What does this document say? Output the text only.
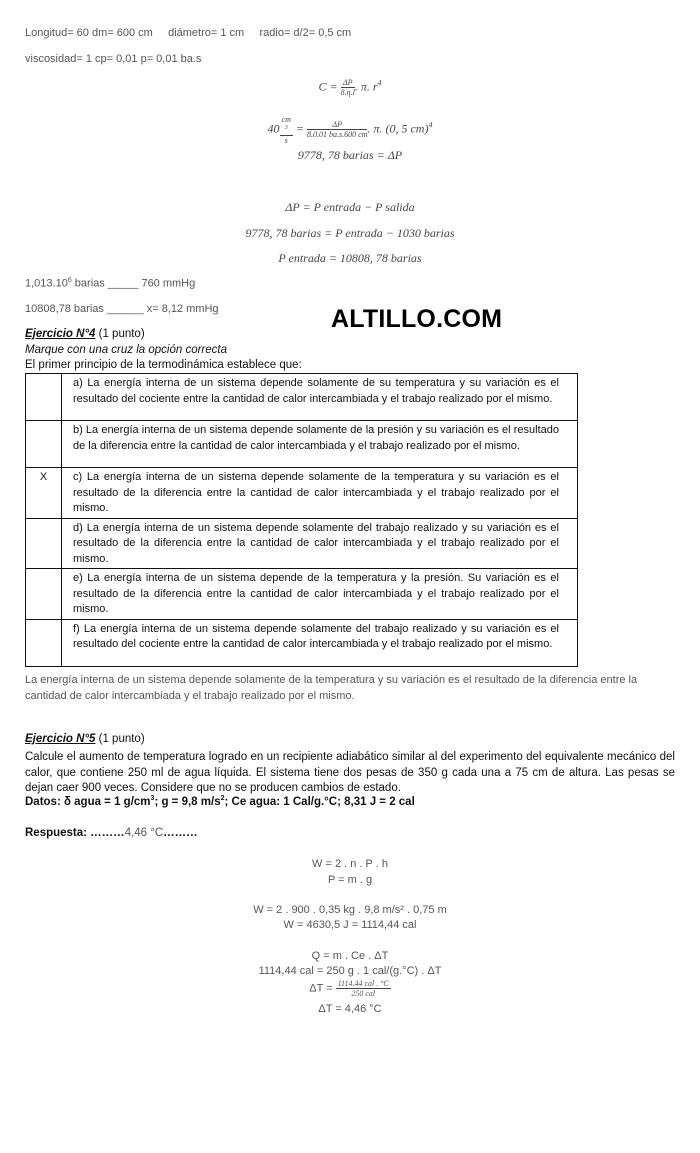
Longitud= 60 dm= 600 cm     diámetro= 1 cm     radio= d/2= 0,5 cm
viscosidad= 1 cp= 0,01 p= 0,01 ba.s
$C = \frac{\Delta P}{8.\eta.l}$ . π. $r^4$
40 cm
$^3$
$s = \frac{\Delta P}{8.0.01 ba.s.600 cm}$ . π. (0, 5 cm)$^4$
9778, 78 barias = ΔP
ΔP = P entrada − P salida
9778, 78 barias = P entrada − 1030 barias
P entrada = 10808, 78 barias
1,013.10$^6$ barias _____ 760 mmHg
10808,78 barias ______ x= 8,12 mmHg	ALTILLO.COM
Ejercicio N°4 (1 punto)
Marque con una cruz la opción correcta
El primer principio de la termodinámica establece que:
	a) La energía interna de un sistema depende solamente de su temperatura y su variación es el resultado del cociente entre la cantidad de calor intercambiada y el trabajo realizado por el mismo.
	b) La energía interna de un sistema depende solamente de la presión y su variación es el resultado de la diferencia entre la cantidad de calor intercambiada y el trabajo realizado por el mismo.
X	c) La energía interna de un sistema depende solamente de la temperatura y su variación es el resultado de la diferencia entre la cantidad de calor intercambiada y el trabajo realizado por el mismo.
	d) La energía interna de un sistema depende solamente del trabajo realizado y su variación es el resultado de la diferencia entre la cantidad de calor intercambiada y el trabajo realizado por el mismo.
	e) La energía interna de un sistema depende de la temperatura y la presión. Su variación es el resultado de la diferencia entre la cantidad de calor intercambiada y el trabajo realizado por el mismo.
	f) La energía interna de un sistema depende solamente del trabajo realizado y su variación es el resultado del cociente entre la cantidad de calor intercambiada y el trabajo realizado por el mismo.
La energía interna de un sistema depende solamente de la temperatura y su variación es el resultado de la diferencia entre la cantidad de calor intercambiada y el trabajo realizado por el mismo.
Ejercicio N°5 (1 punto)
Calcule el aumento de temperatura logrado en un recipiente adiabático similar al del experimento del equivalente mecánico del calor, que contiene 250 ml de agua líquida. El sistema tiene dos pesas de 350 g cada una a 75 cm de altura. Las pesas se dejan caer 900 veces. Considere que no se producen cambios de estado.
Datos: δ agua = 1 $g/cm^3$; g = 9,8 $m/s^2$; Ce agua: 1 Cal/g.°C; 8,31 J = 2 cal
Respuesta: ………4,46 °C………
W = 2 . n . P . h
P = m . g
W = 2 . 900 . 0,35 kg . 9,8 m/s² . 0,75 m
W = 4630,5 J = 1114,44 cal
Q = m . Ce . ΔT
1114,44 cal = 250 g . 1 cal/(g.°C) . ΔT
$\Delta T = \frac{\text{1114.44 cal . °C}}{\text{250 cal}}$
ΔT = 4,46 °C
